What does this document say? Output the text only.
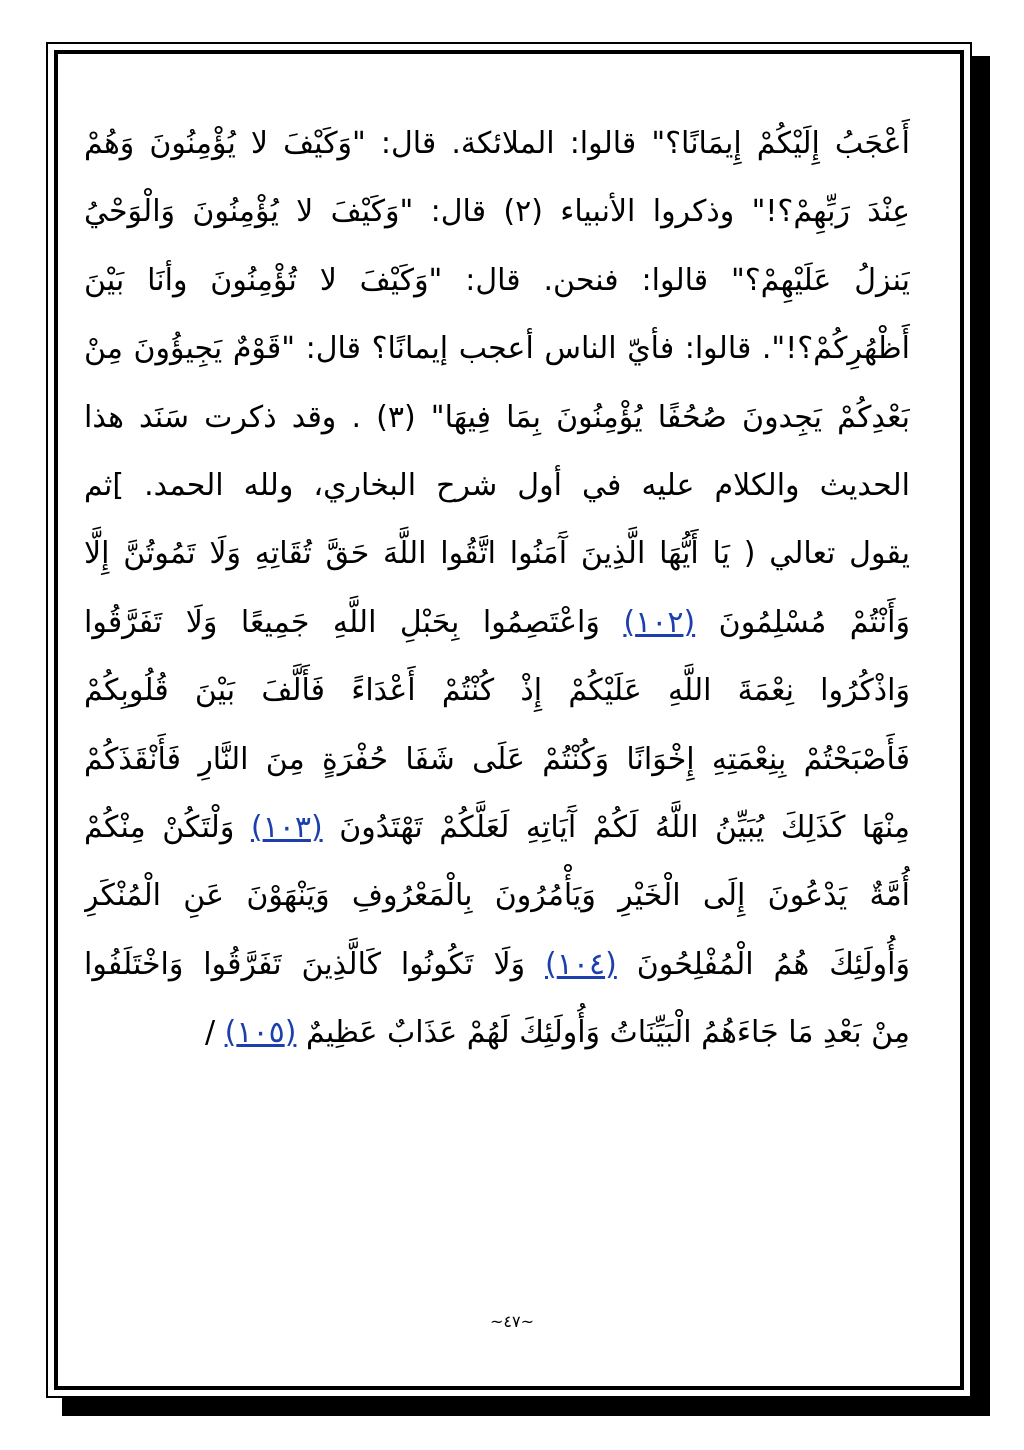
أَعْجَبُ إِلَيْكُمْ إِيمَانًا؟" قالوا: الملائكة. قال: "وَكَيْفَ لا يُؤْمِنُونَ وَهُمْ
عِنْدَ رَبِّهِمْ؟!" وذكروا الأنبياء (٢) قال: "وَكَيْفَ لا يُؤْمِنُونَ وَالْوَحْيُ
يَنزلُ عَلَيْهِمْ؟" قالوا: فنحن. قال: "وَكَيْفَ لا تُؤْمِنُونَ وأنَا بَيْنَ
أَظْهُرِكُمْ؟!". قالوا: فأيّ الناس أعجب إيمانًا؟ قال: "قَوْمٌ يَجِيؤُونَ مِنْ
بَعْدِكُمْ يَجِدونَ صُحُفًا يُؤْمِنُونَ بِمَا فِيهَا" (٣) . وقد ذكرت سَنَد هذا
الحديث والكلام عليه في أول شرح البخاري، ولله الحمد. ]ثم
يقول تعالي ( يَا أَيُّهَا الَّذِينَ آَمَنُوا اتَّقُوا اللَّهَ حَقَّ تُقَاتِهِ وَلَا تَمُوتُنَّ إِلَّا
وَأَنْتُمْ مُسْلِمُونَ (١٠٢) وَاعْتَصِمُوا بِحَبْلِ اللَّهِ جَمِيعًا وَلَا تَفَرَّقُوا
وَاذْكُرُوا نِعْمَةَ اللَّهِ عَلَيْكُمْ إِذْ كُنْتُمْ أَعْدَاءً فَأَلَّفَ بَيْنَ قُلُوبِكُمْ
فَأَصْبَحْتُمْ بِنِعْمَتِهِ إِخْوَانًا وَكُنْتُمْ عَلَى شَفَا حُفْرَةٍ مِنَ النَّارِ فَأَنْقَذَكُمْ
مِنْهَا كَذَلِكَ يُبَيِّنُ اللَّهُ لَكُمْ آَيَاتِهِ لَعَلَّكُمْ تَهْتَدُونَ (١٠٣) وَلْتَكُنْ مِنْكُمْ
أُمَّةٌ يَدْعُونَ إِلَى الْخَيْرِ وَيَأْمُرُونَ بِالْمَعْرُوفِ وَيَنْهَوْنَ عَنِ الْمُنْكَرِ
وَأُولَئِكَ هُمُ الْمُفْلِحُونَ (١٠٤) وَلَا تَكُونُوا كَالَّذِينَ تَفَرَّقُوا وَاخْتَلَفُوا
مِنْ بَعْدِ مَا جَاءَهُمُ الْبَيِّنَاتُ وَأُولَئِكَ لَهُمْ عَذَابٌ عَظِيمٌ (١٠٥) /
~٤٧~
